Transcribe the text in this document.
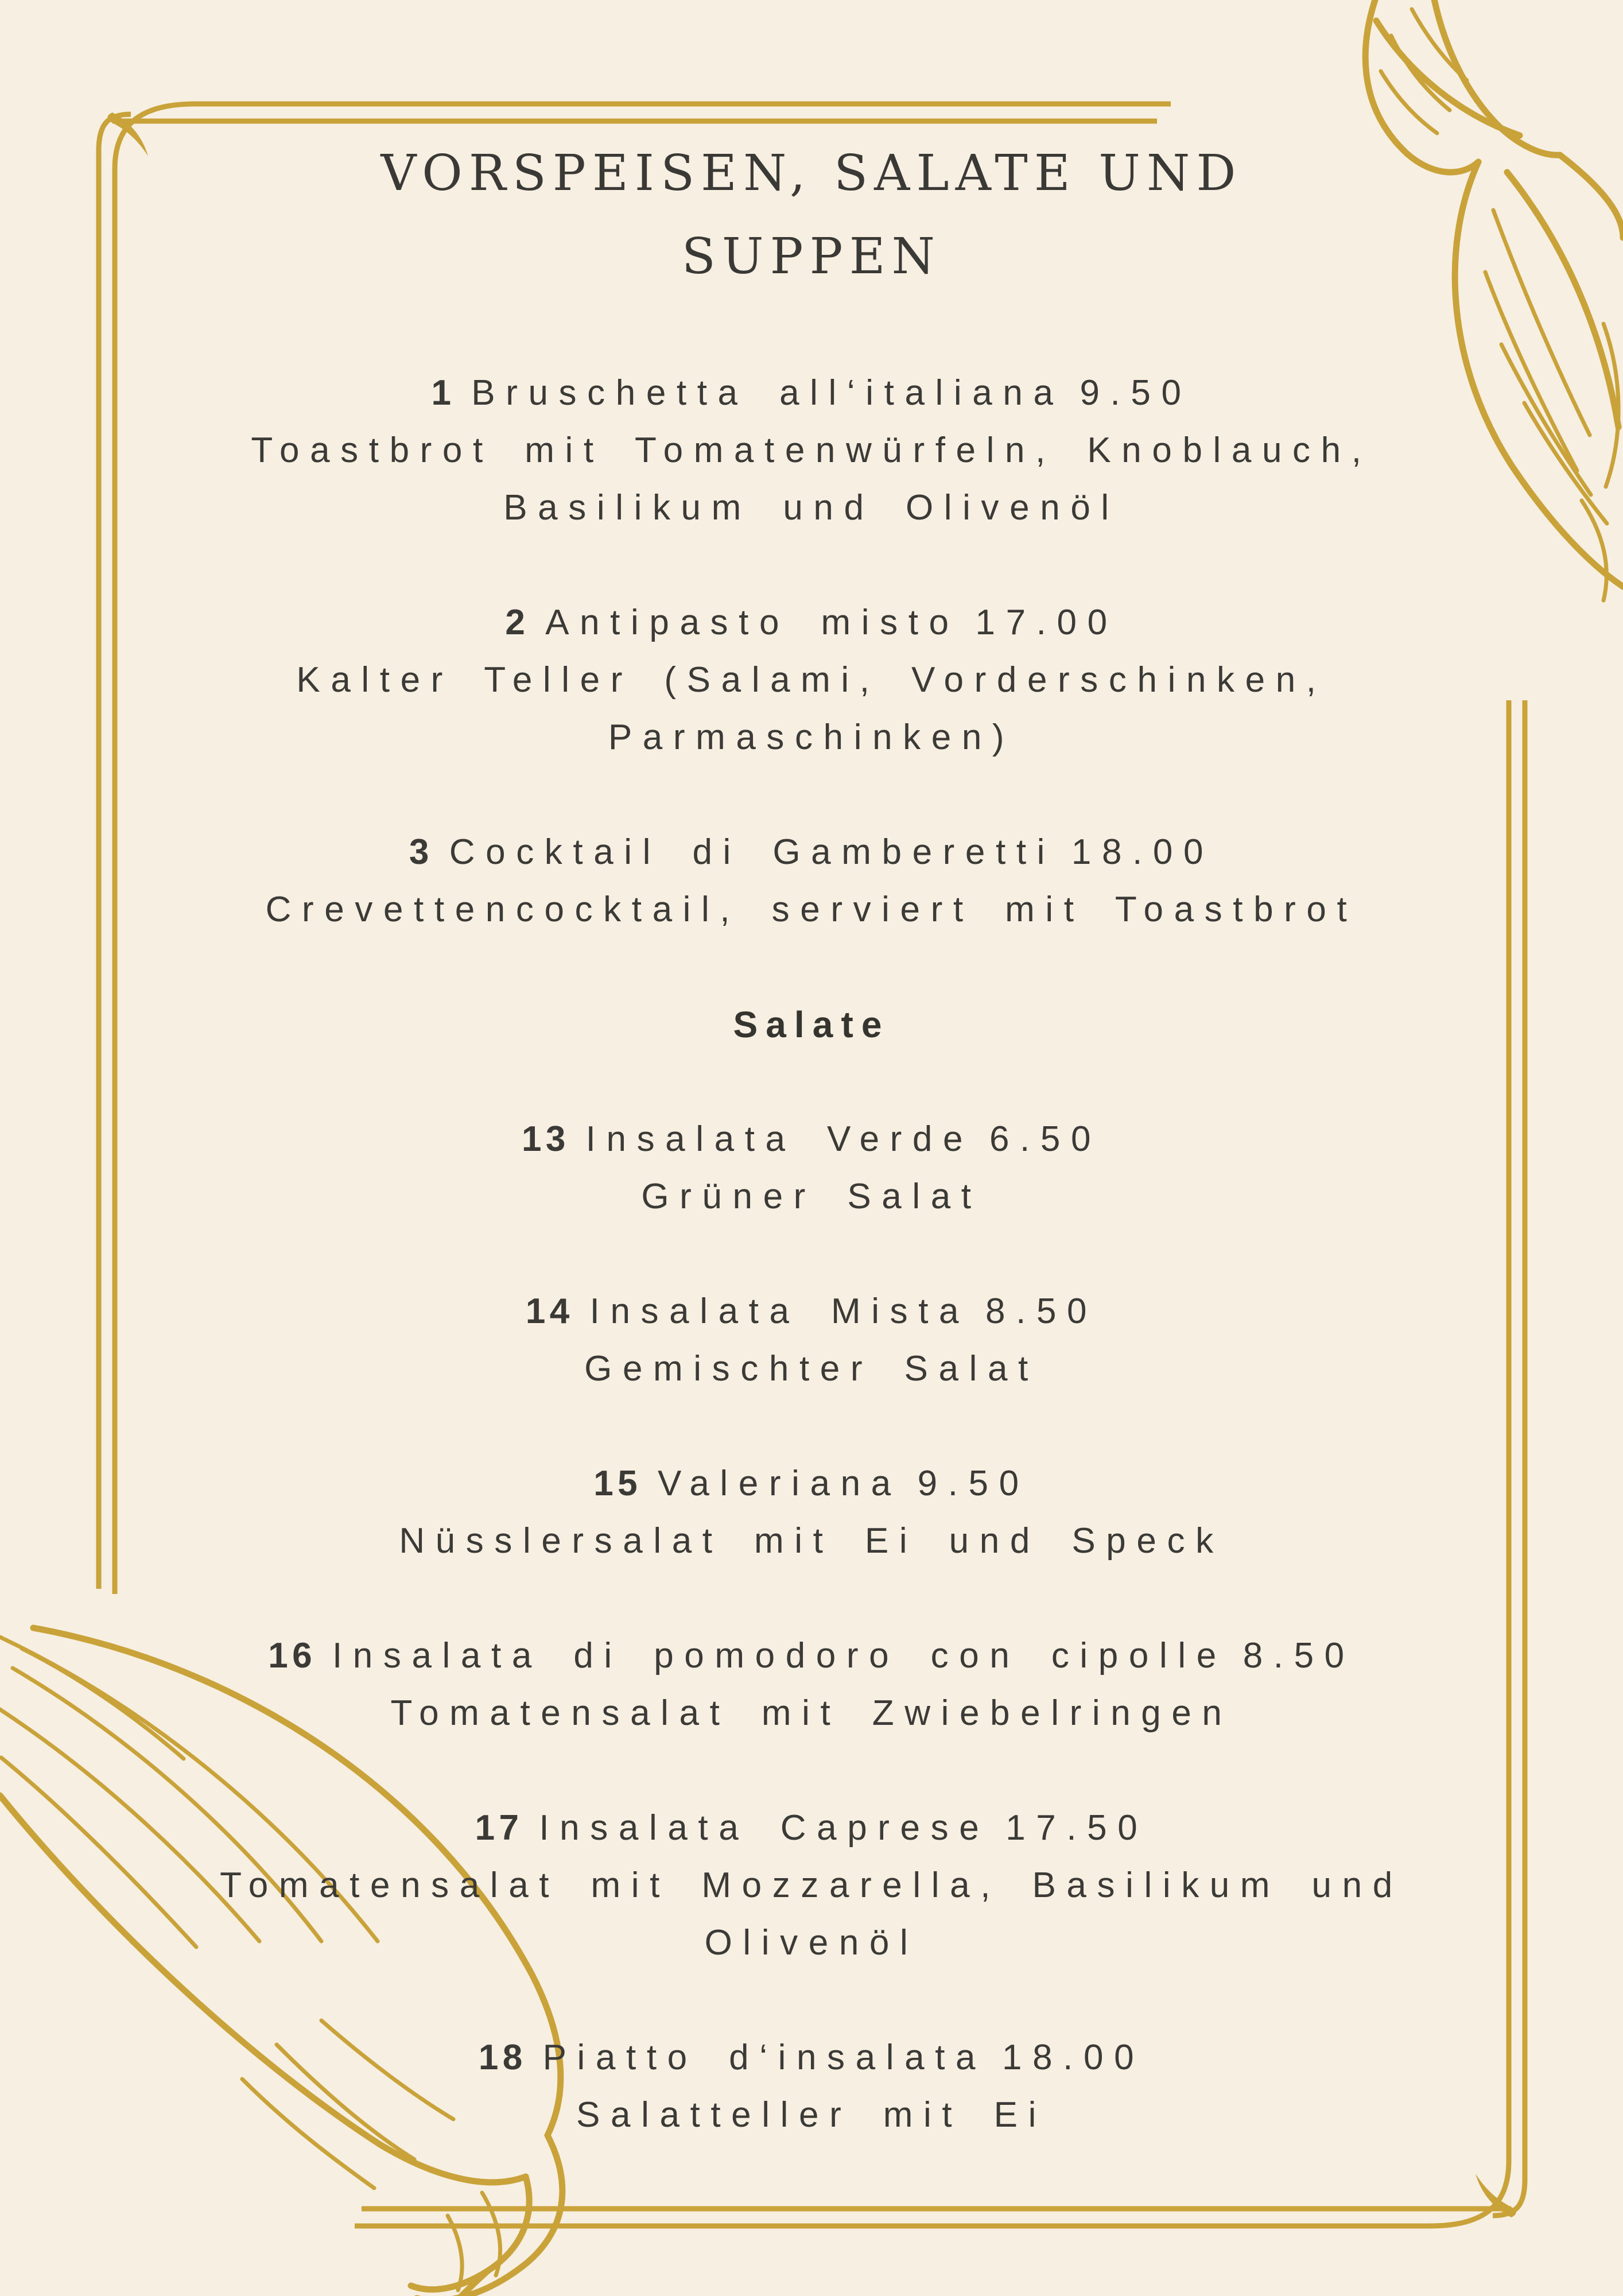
VORSPEISEN, SALATE UND
SUPPEN
1 Bruschetta all‘italiana 9.50
Toastbrot mit Tomatenwürfeln, Knoblauch,
Basilikum und Olivenöl
2 Antipasto misto 17.00
Kalter Teller (Salami, Vorderschinken,
Parmaschinken)
3 Cocktail di Gamberetti 18.00
Crevettencocktail, serviert mit Toastbrot
Salate
13 Insalata Verde 6.50
Grüner Salat
14 Insalata Mista 8.50
Gemischter Salat
15 Valeriana 9.50
Nüsslersalat mit Ei und Speck
16 Insalata di pomodoro con cipolle 8.50
Tomatensalat mit Zwiebelringen
17 Insalata Caprese 17.50
Tomatensalat mit Mozzarella, Basilikum und
Olivenöl
18 Piatto d‘insalata 18.00
Salatteller mit Ei
